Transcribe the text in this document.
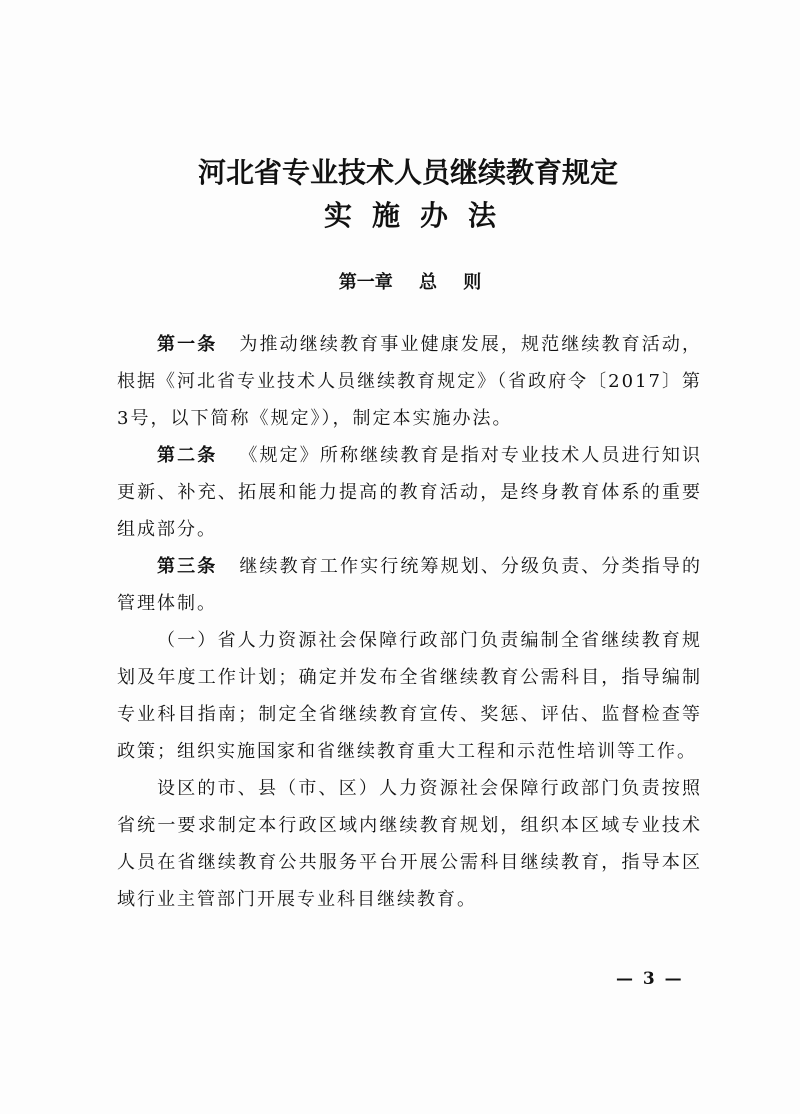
河北省专业技术人员继续教育规定
实施办法
第一章 总 则

第一条 为推动继续教育事业健康发展，规范继续教育活动，根据《河北省专业技术人员继续教育规定》（省政府令〔2017〕第3号，以下简称《规定》），制定本实施办法。

第二条 《规定》所称继续教育是指对专业技术人员进行知识更新、补充、拓展和能力提高的教育活动，是终身教育体系的重要组成部分。

第三条 继续教育工作实行统筹规划、分级负责、分类指导的管理体制。

（一）省人力资源社会保障行政部门负责编制全省继续教育规划及年度工作计划；确定并发布全省继续教育公需科目，指导编制专业科目指南；制定全省继续教育宣传、奖惩、评估、监督检查等政策；组织实施国家和省继续教育重大工程和示范性培训等工作。

设区的市、县（市、区）人力资源社会保障行政部门负责按照省统一要求制定本行政区域内继续教育规划，组织本区域专业技术人员在省继续教育公共服务平台开展公需科目继续教育，指导本区域行业主管部门开展专业科目继续教育。

— 3 —
